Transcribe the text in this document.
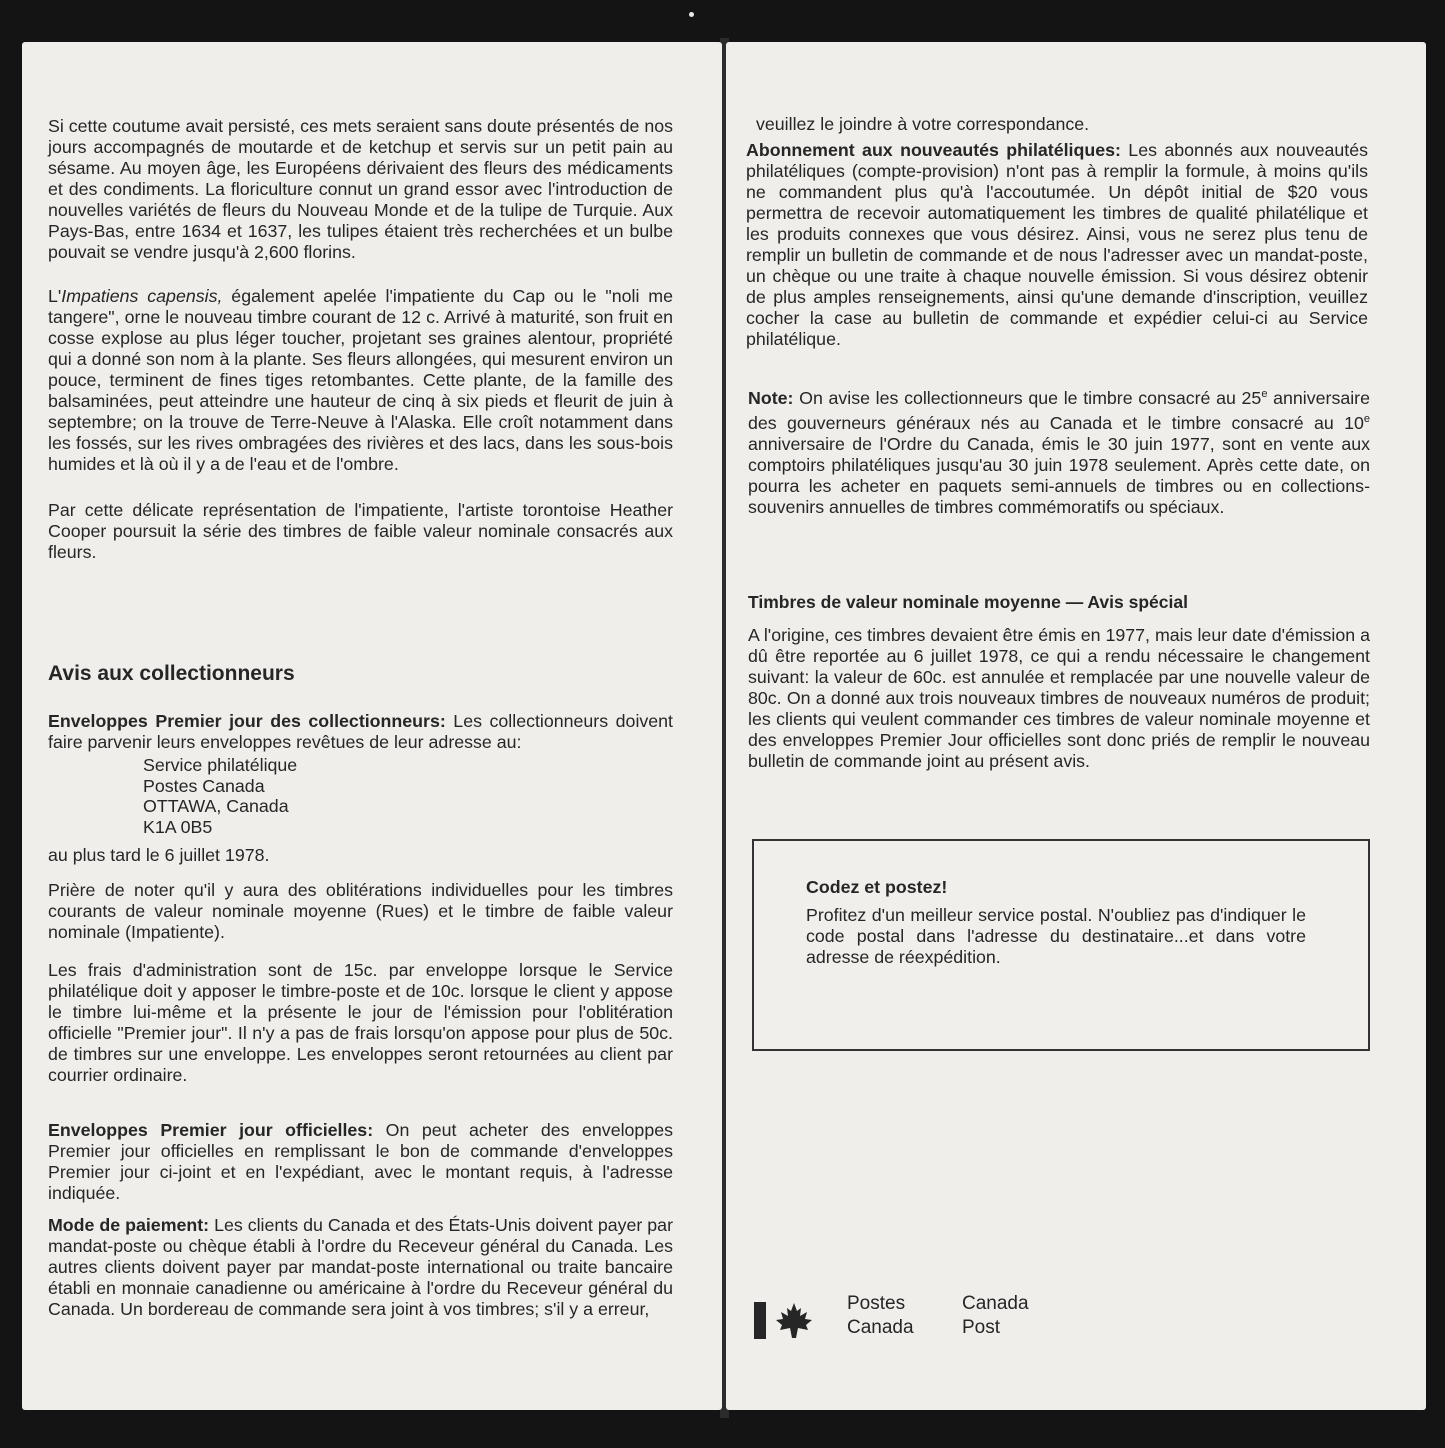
Si cette coutume avait persisté, ces mets seraient sans doute présentés de nos jours accompagnés de moutarde et de ketchup et servis sur un petit pain au sésame. Au moyen âge, les Européens dérivaient des fleurs des médicaments et des condiments. La floriculture connut un grand essor avec l'introduction de nouvelles variétés de fleurs du Nouveau Monde et de la tulipe de Turquie. Aux Pays-Bas, entre 1634 et 1637, les tulipes étaient très recherchées et un bulbe pouvait se vendre jusqu'à 2,600 florins.

L'Impatiens capensis, également apelée l'impatiente du Cap ou le "noli me tangere", orne le nouveau timbre courant de 12 c. Arrivé à maturité, son fruit en cosse explose au plus léger toucher, projetant ses graines alentour, propriété qui a donné son nom à la plante. Ses fleurs allongées, qui mesurent environ un pouce, terminent de fines tiges retombantes. Cette plante, de la famille des balsaminées, peut atteindre une hauteur de cinq à six pieds et fleurit de juin à septembre; on la trouve de Terre-Neuve à l'Alaska. Elle croît notamment dans les fossés, sur les rives ombragées des rivières et des lacs, dans les sous-bois humides et là où il y a de l'eau et de l'ombre.

Par cette délicate représentation de l'impatiente, l'artiste torontoise Heather Cooper poursuit la série des timbres de faible valeur nominale consacrés aux fleurs.

Avis aux collectionneurs

Enveloppes Premier jour des collectionneurs: Les collectionneurs doivent faire parvenir leurs enveloppes revêtues de leur adresse au:

Service philatélique
Postes Canada
OTTAWA, Canada
K1A 0B5

au plus tard le 6 juillet 1978.

Prière de noter qu'il y aura des oblitérations individuelles pour les timbres courants de valeur nominale moyenne (Rues) et le timbre de faible valeur nominale (Impatiente).

Les frais d'administration sont de 15c. par enveloppe lorsque le Service philatélique doit y apposer le timbre-poste et de 10c. lorsque le client y appose le timbre lui-même et la présente le jour de l'émission pour l'oblitération officielle "Premier jour". Il n'y a pas de frais lorsqu'on appose pour plus de 50c. de timbres sur une enveloppe. Les enveloppes seront retournées au client par courrier ordinaire.

Enveloppes Premier jour officielles: On peut acheter des enveloppes Premier jour officielles en remplissant le bon de commande d'enveloppes Premier jour ci-joint et en l'expédiant, avec le montant requis, à l'adresse indiquée.

Mode de paiement: Les clients du Canada et des États-Unis doivent payer par mandat-poste ou chèque établi à l'ordre du Receveur général du Canada. Les autres clients doivent payer par mandat-poste international ou traite bancaire établi en monnaie canadienne ou américaine à l'ordre du Receveur général du Canada. Un bordereau de commande sera joint à vos timbres; s'il y a erreur,

veuillez le joindre à votre correspondance.

Abonnement aux nouveautés philatéliques: Les abonnés aux nouveautés philatéliques (compte-provision) n'ont pas à remplir la formule, à moins qu'ils ne commandent plus qu'à l'accoutumée. Un dépôt initial de $20 vous permettra de recevoir automatiquement les timbres de qualité philatélique et les produits connexes que vous désirez. Ainsi, vous ne serez plus tenu de remplir un bulletin de commande et de nous l'adresser avec un mandat-poste, un chèque ou une traite à chaque nouvelle émission. Si vous désirez obtenir de plus amples renseignements, ainsi qu'une demande d'inscription, veuillez cocher la case au bulletin de commande et expédier celui-ci au Service philatélique.

Note: On avise les collectionneurs que le timbre consacré au 25e anniversaire des gouverneurs généraux nés au Canada et le timbre consacré au 10e anniversaire de l'Ordre du Canada, émis le 30 juin 1977, sont en vente aux comptoirs philatéliques jusqu'au 30 juin 1978 seulement. Après cette date, on pourra les acheter en paquets semi-annuels de timbres ou en collections-souvenirs annuelles de timbres commémoratifs ou spéciaux.

Timbres de valeur nominale moyenne — Avis spécial

A l'origine, ces timbres devaient être émis en 1977, mais leur date d'émission a dû être reportée au 6 juillet 1978, ce qui a rendu nécessaire le changement suivant: la valeur de 60c. est annulée et remplacée par une nouvelle valeur de 80c. On a donné aux trois nouveaux timbres de nouveaux numéros de produit; les clients qui veulent commander ces timbres de valeur nominale moyenne et des enveloppes Premier Jour officielles sont donc priés de remplir le nouveau bulletin de commande joint au présent avis.

Codez et postez!

Profitez d'un meilleur service postal. N'oubliez pas d'indiquer le code postal dans l'adresse du destinataire...et dans votre adresse de réexpédition.

Postes
Canada
Canada
Post
